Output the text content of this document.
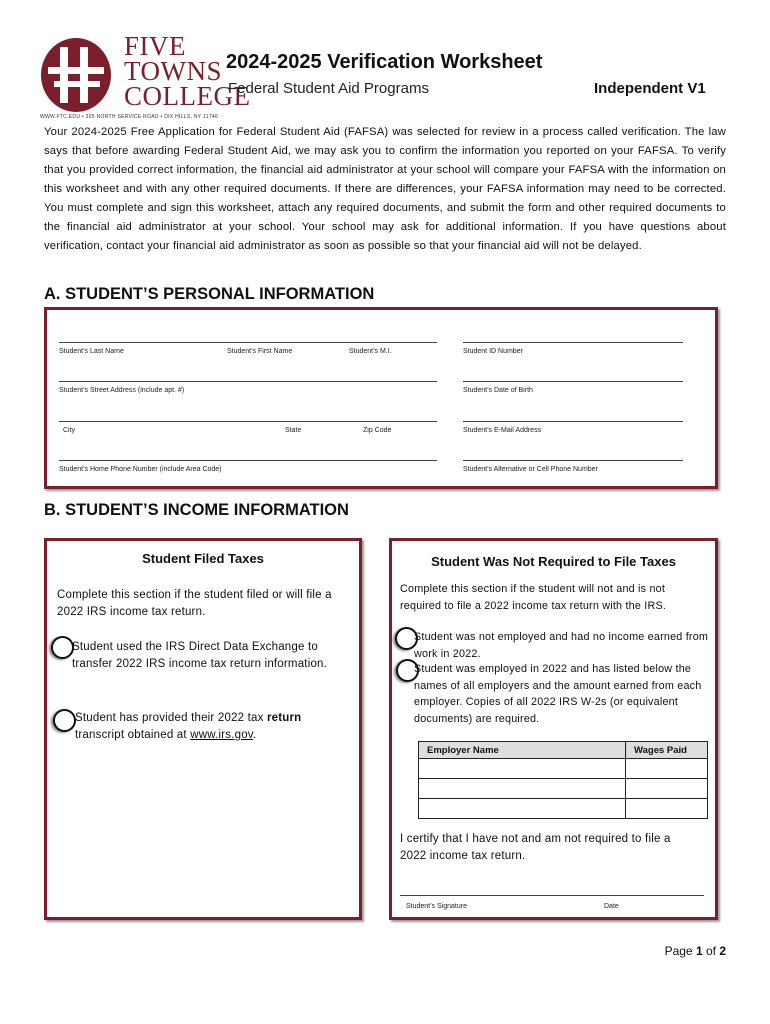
FIVE
TOWNS
COLLEGE
WWW.FTC.EDU • 305 NORTH SERVICE ROAD • DIX HILLS, NY 11746
2024-2025 Verification Worksheet
Federal Student Aid Programs	Independent V1
Your 2024-2025 Free Application for Federal Student Aid (FAFSA) was selected for review in a process called verification. The law says that before awarding Federal Student Aid, we may ask you to confirm the information you reported on your FAFSA. To verify that you provided correct information, the financial aid administrator at your school will compare your FAFSA with the information on this worksheet and with any other required documents. If there are differences, your FAFSA information may need to be corrected. You must complete and sign this worksheet, attach any required documents, and submit the form and other required documents to the financial aid administrator at your school. Your school may ask for additional information. If you have questions about verification, contact your financial aid administrator as soon as possible so that your financial aid will not be delayed.
A. STUDENT’S PERSONAL INFORMATION
Student’s Last Name	Student’s First Name	Student’s M.I.	Student ID Number
Student’s Street Address (include apt. #)	Student’s Date of Birth
City	State	Zip Code	Student’s E-Mail Address
Student’s Home Phone Number (include Area Code)	Student’s Alternative or Cell Phone Number
B. STUDENT’S INCOME INFORMATION
Student Filed Taxes
Complete this section if the student filed or will file a 2022 IRS income tax return.
Student used the IRS Direct Data Exchange to transfer 2022 IRS income tax return information.
Student has provided their 2022 tax return transcript obtained at www.irs.gov.
Student Was Not Required to File Taxes
Complete this section if the student will not and is not required to file a 2022 income tax return with the IRS.
Student was not employed and had no income earned from work in 2022.
Student was employed in 2022 and has listed below the names of all employers and the amount earned from each employer. Copies of all 2022 IRS W-2s (or equivalent documents) are required.
Employer Name	Wages Paid

I certify that I have not and am not required to file a 2022 income tax return.
Student’s Signature	Date
Page 1 of 2
